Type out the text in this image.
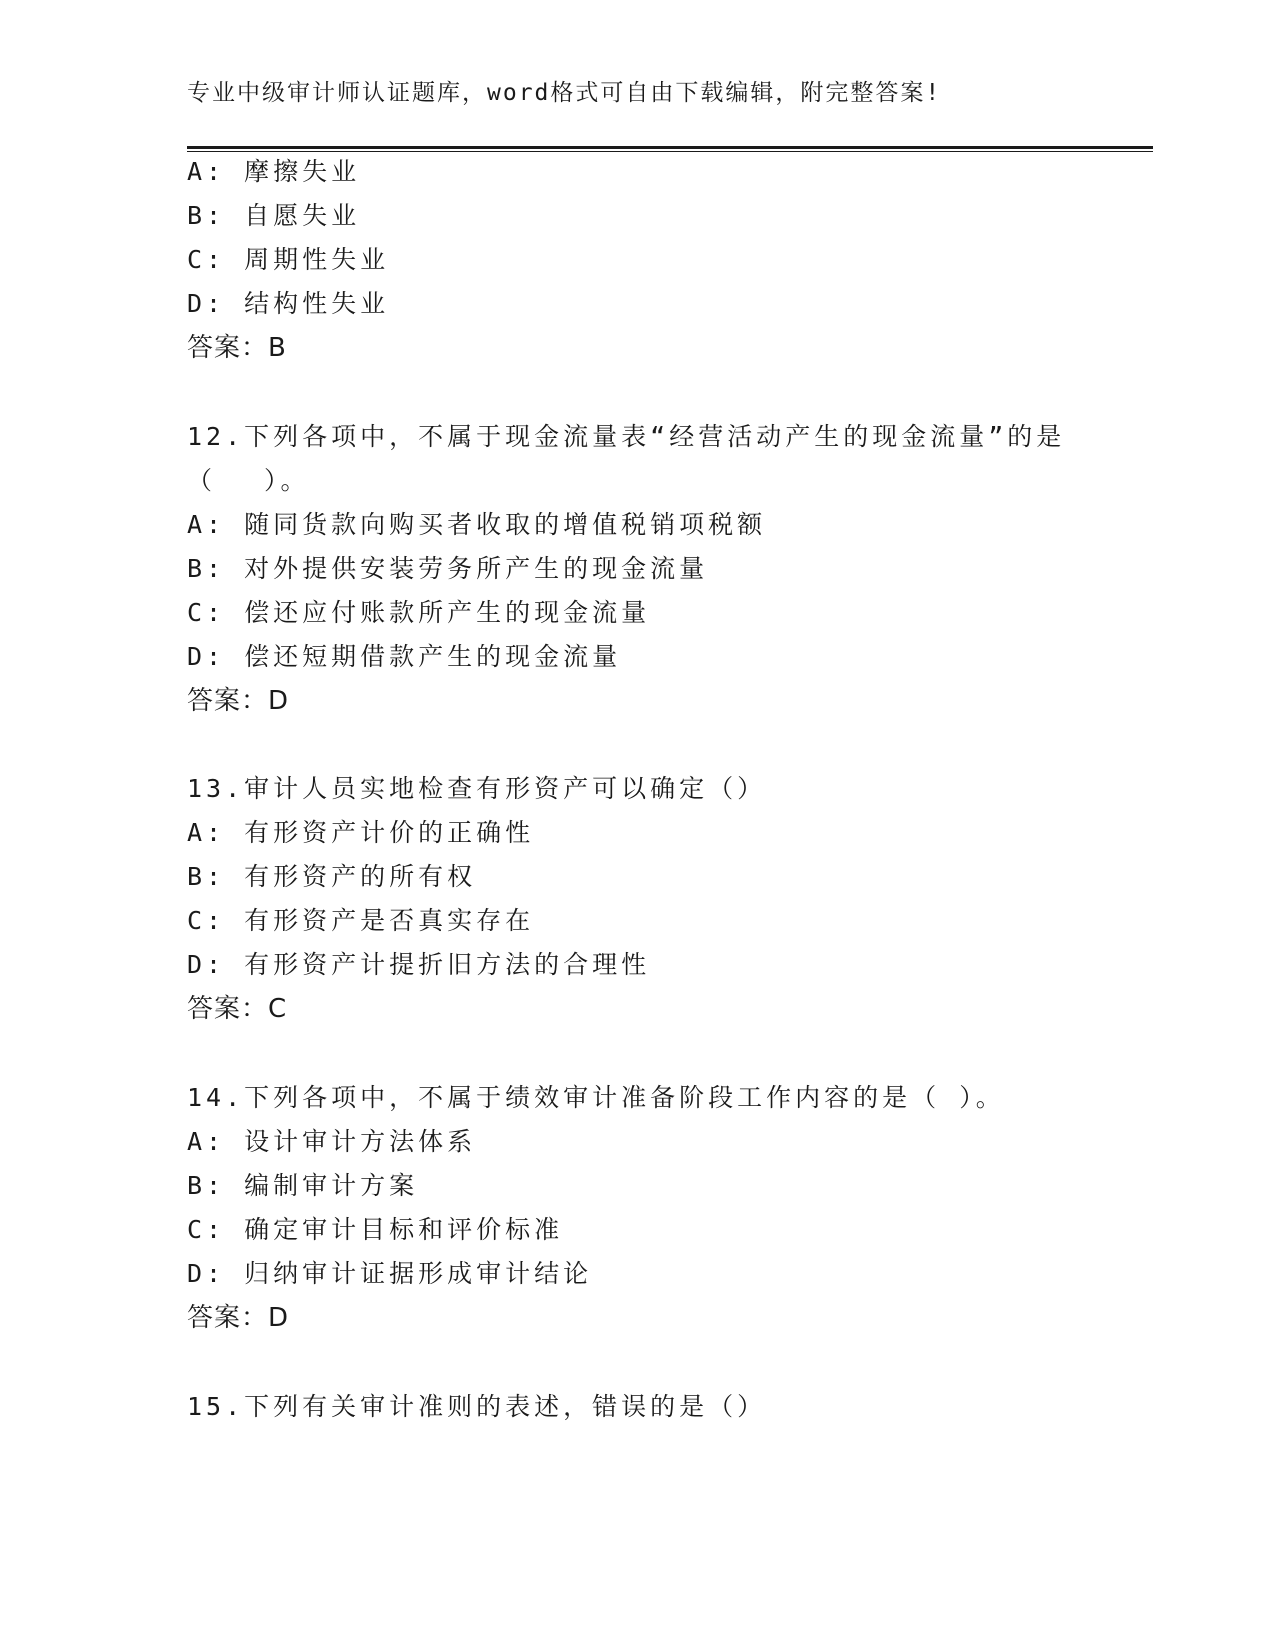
专业中级审计师认证题库，word格式可自由下载编辑，附完整答案!
A: 摩擦失业
B: 自愿失业
C: 周期性失业
D: 结构性失业
答案：B
12.下列各项中，不属于现金流量表“经营活动产生的现金流量”的是
（　 ）。
A: 随同货款向购买者收取的增值税销项税额
B: 对外提供安装劳务所产生的现金流量
C: 偿还应付账款所产生的现金流量
D: 偿还短期借款产生的现金流量
答案：D
13.审计人员实地检查有形资产可以确定（）
A: 有形资产计价的正确性
B: 有形资产的所有权
C: 有形资产是否真实存在
D: 有形资产计提折旧方法的合理性
答案：C
14.下列各项中，不属于绩效审计准备阶段工作内容的是（ ）。
A: 设计审计方法体系
B: 编制审计方案
C: 确定审计目标和评价标准
D: 归纳审计证据形成审计结论
答案：D
15.下列有关审计准则的表述，错误的是（）
